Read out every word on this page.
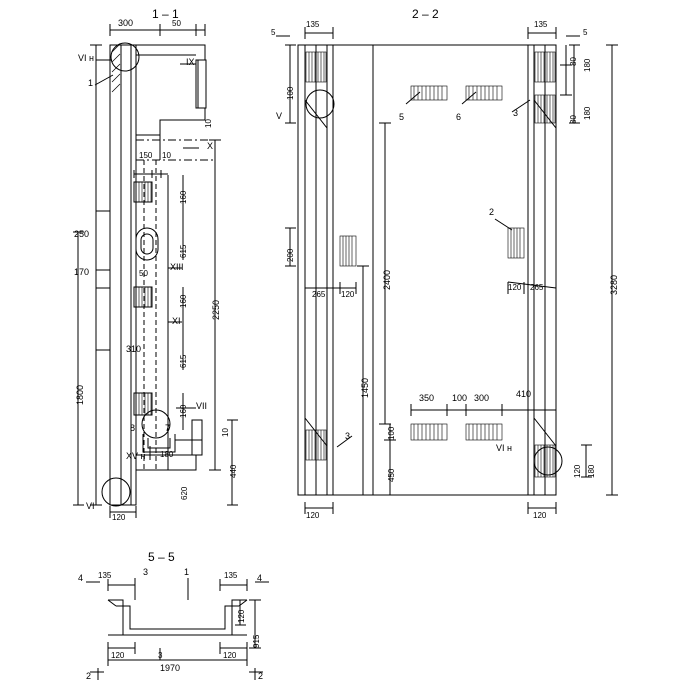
1 – 1	2 – 2
5 – 5
VI н	IX
X
XIII
XI
VII
XV н
VI
1
8	7
300	50
10
150 10
160
615
50
160
615
160
180
620
2250
440
10
250
170
310
1800
120
5	5
V
VI н
5	6	3
2
3
135	135
80 180
80 180
3280
120 180
100
200
2400
1450
100
450
120	120
265 120
120 265
350 100 300	410
4	4
3	1
2	2
135	135
120
915
120	3
1970
120
